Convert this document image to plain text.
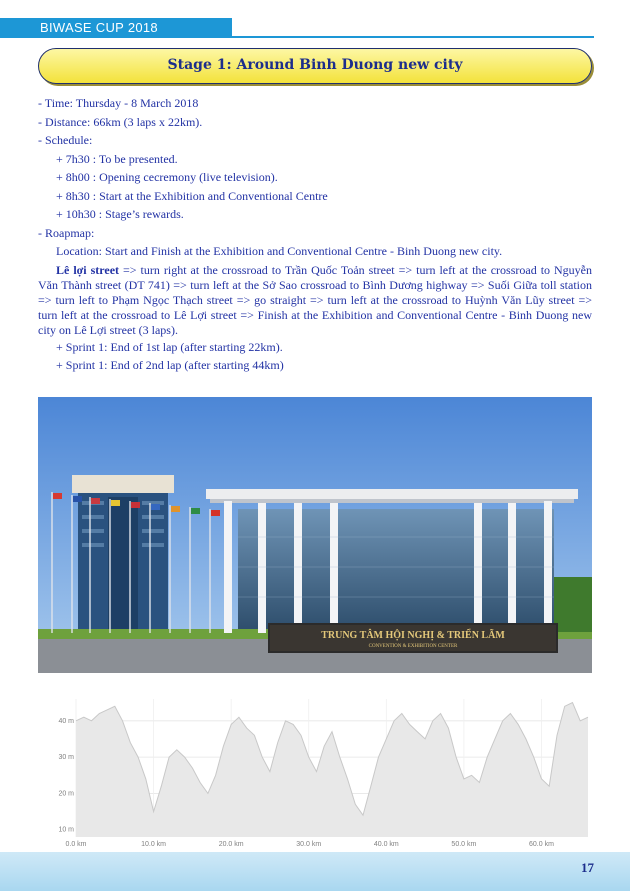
BIWASE CUP 2018
Stage 1: Around Binh Duong new city
- Time: Thursday - 8 March 2018
- Distance: 66km (3 laps x 22km).
- Schedule:
+ 7h30 : To be presented.
+ 8h00 : Opening cecremony (live television).
+ 8h30 : Start at the Exhibition and Conventional Centre
+ 10h30 : Stage’s rewards.
- Roapmap:
Location: Start and Finish at the Exhibition and Conventional Centre - Binh Duong new city.
Lê lợi street => turn right at the crossroad to Trần Quốc Toản street => turn left at the crossroad to Nguyễn Văn Thành street (DT 741) => turn left at the Sở Sao crossroad to Bình Dương highway => Suối Giữa toll station => turn left to Phạm Ngọc Thạch street => go straight => turn left at the crossroad to Huỳnh Văn Lũy street => turn left at the crossroad to Lê Lợi street => Finish at the Exhibition and Conventional Centre - Binh Duong new city on Lê Lợi street (3 laps).
+ Sprint 1: End of 1st lap (after starting 22km).
+ Sprint 1: End of 2nd lap (after starting 44km)
TRUNG TÂM HỘI NGHỊ & TRIỂN LÃM
CONVENTION & EXHIBITION CENTER
10 m
20 m
30 m
40 m
0.0 km	10.0 km	20.0 km	30.0 km	40.0 km	50.0 km	60.0 km
17
